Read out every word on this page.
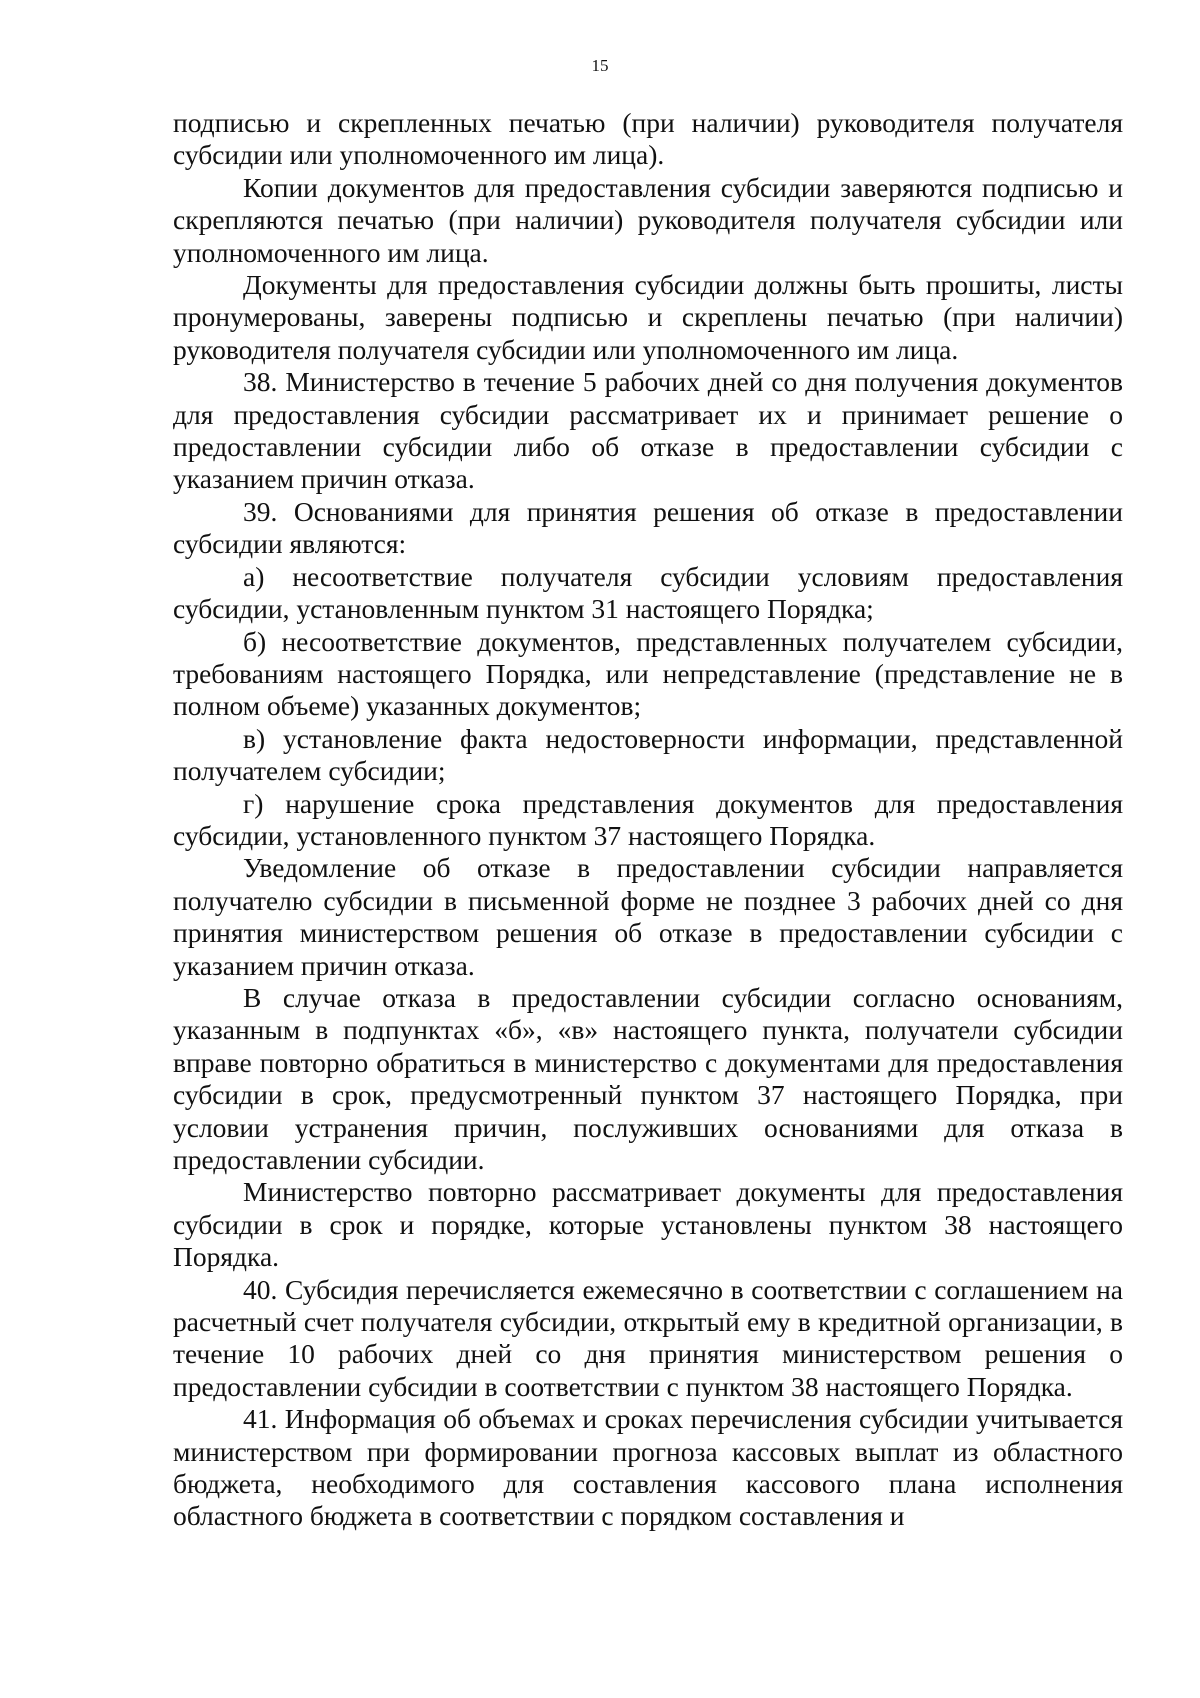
15

подписью и скрепленных печатью (при наличии) руководителя получателя субсидии или уполномоченного им лица).

Копии документов для предоставления субсидии заверяются подписью и скрепляются печатью (при наличии) руководителя получателя субсидии или уполномоченного им лица.

Документы для предоставления субсидии должны быть прошиты, листы пронумерованы, заверены подписью и скреплены печатью (при наличии) руководителя получателя субсидии или уполномоченного им лица.

38. Министерство в течение 5 рабочих дней со дня получения документов для предоставления субсидии рассматривает их и принимает решение о предоставлении субсидии либо об отказе в предоставлении субсидии с указанием причин отказа.

39. Основаниями для принятия решения об отказе в предоставлении субсидии являются:

а) несоответствие получателя субсидии условиям предоставления субсидии, установленным пунктом 31 настоящего Порядка;

б) несоответствие документов, представленных получателем субсидии, требованиям настоящего Порядка, или непредставление (представление не в полном объеме) указанных документов;

в) установление факта недостоверности информации, представленной получателем субсидии;

г) нарушение срока представления документов для предоставления субсидии, установленного пунктом 37 настоящего Порядка.

Уведомление об отказе в предоставлении субсидии направляется получателю субсидии в письменной форме не позднее 3 рабочих дней со дня принятия министерством решения об отказе в предоставлении субсидии с указанием причин отказа.

В случае отказа в предоставлении субсидии согласно основаниям, указанным в подпунктах «б», «в» настоящего пункта, получатели субсидии вправе повторно обратиться в министерство с документами для предоставления субсидии в срок, предусмотренный пунктом 37 настоящего Порядка, при условии устранения причин, послуживших основаниями для отказа в предоставлении субсидии.

Министерство повторно рассматривает документы для предоставления субсидии в срок и порядке, которые установлены пунктом 38 настоящего Порядка.

40. Субсидия перечисляется ежемесячно в соответствии с соглашением на расчетный счет получателя субсидии, открытый ему в кредитной организации, в течение 10 рабочих дней со дня принятия министерством решения о предоставлении субсидии в соответствии с пунктом 38 настоящего Порядка.

41. Информация об объемах и сроках перечисления субсидии учитывается министерством при формировании прогноза кассовых выплат из областного бюджета, необходимого для составления кассового плана исполнения областного бюджета в соответствии с порядком составления и
